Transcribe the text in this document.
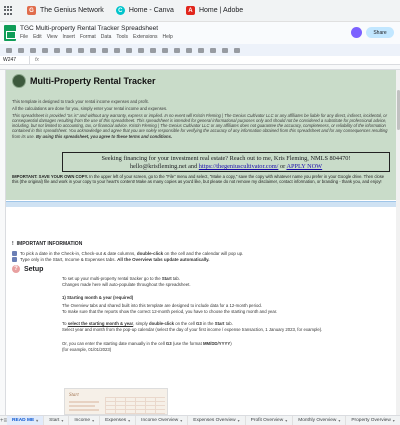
G The Genius Network	C Home - Canva	A Home | Adobe
TGC Multi-property Rental Tracker Spreadsheet
File Edit View Insert Format Data Tools Extensions Help
Share
W247	fx
Multi-Property Rental Tracker

This template is designed to track your rental income expenses and profit.

All the calculations are done for you, simply enter your rental income and expenses.

This spreadsheet is provided "as is" and without any warranty, express or implied. In no event will Kristin Fleming | The Genius Cultivator LLC or any affiliates be liable for any direct, indirect, incidental, or consequential damages resulting from the use of this spreadsheet. This spreadsheet is intended for general informational purposes only and should not be considered a substitute for professional advice, including, but not limited to accounting, tax, or financial advice. Kristin Fleming | The Genius Cultivator LLC or any affiliates does not guarantee the accuracy, completeness, or reliability of the information contained in this spreadsheet. You acknowledge and agree that you are solely responsible for verifying the accuracy of any information obtained from this spreadsheet and for any consequences resulting from its use. By using this spreadsheet, you agree to these terms and conditions.

Seeking financing for your investment real estate? Reach out to me, Kris Fleming, NMLS 804470!
hello@krisfleming.net and https://thegeniuscultivator.com/ or APPLY NOW
IMPORTANT: SAVE YOUR OWN COPY. In the upper left of your screen, go to the "File" menu and select, "Make a copy," save the copy with whatever name you prefer in your Google drive. Then close this (the original) file and work in your copy to your heart's content! Make as many copies as you'd like, but please do not remove my disclaimer, contact information, or branding - thank you, and enjoy!
! IMPORTANT INFORMATION
To pick a date in the Check-in, Check-out & date columns, double-click on the cell and the calendar will pop up.
Type only in the Start, Income & Expenses tabs. All the Overview tabs update automatically.
? Setup
To set up your multi-property rental tracker go to the Start tab.
Changes made here will auto-populate throughout the spreadsheet.
1) Starting month & year (required)
The Overview tabs and shared built into this template are designed to include data for a 12-month period.
To make sure that the reports show the correct 12-month period, you have to choose the starting month and year.
To select the starting month & year, simply double-click on the cell G3 in the Start tab.
Select year and month from the pop-up calendar (select the day of your first income / expense transaction, 1 January 2023, for example).
Or, you can enter the starting date manually in the cell G3 (use the format MM/DD/YYYY)
(for example, 01/01/2023)
Start
+ ≡ READ ME ▾ Start ▾ Income ▾ Expenses ▾ Income Overview ▾ Expenses Overview ▾ Profit Overview ▾ Monthly Overview ▾ Property Overview ▾
